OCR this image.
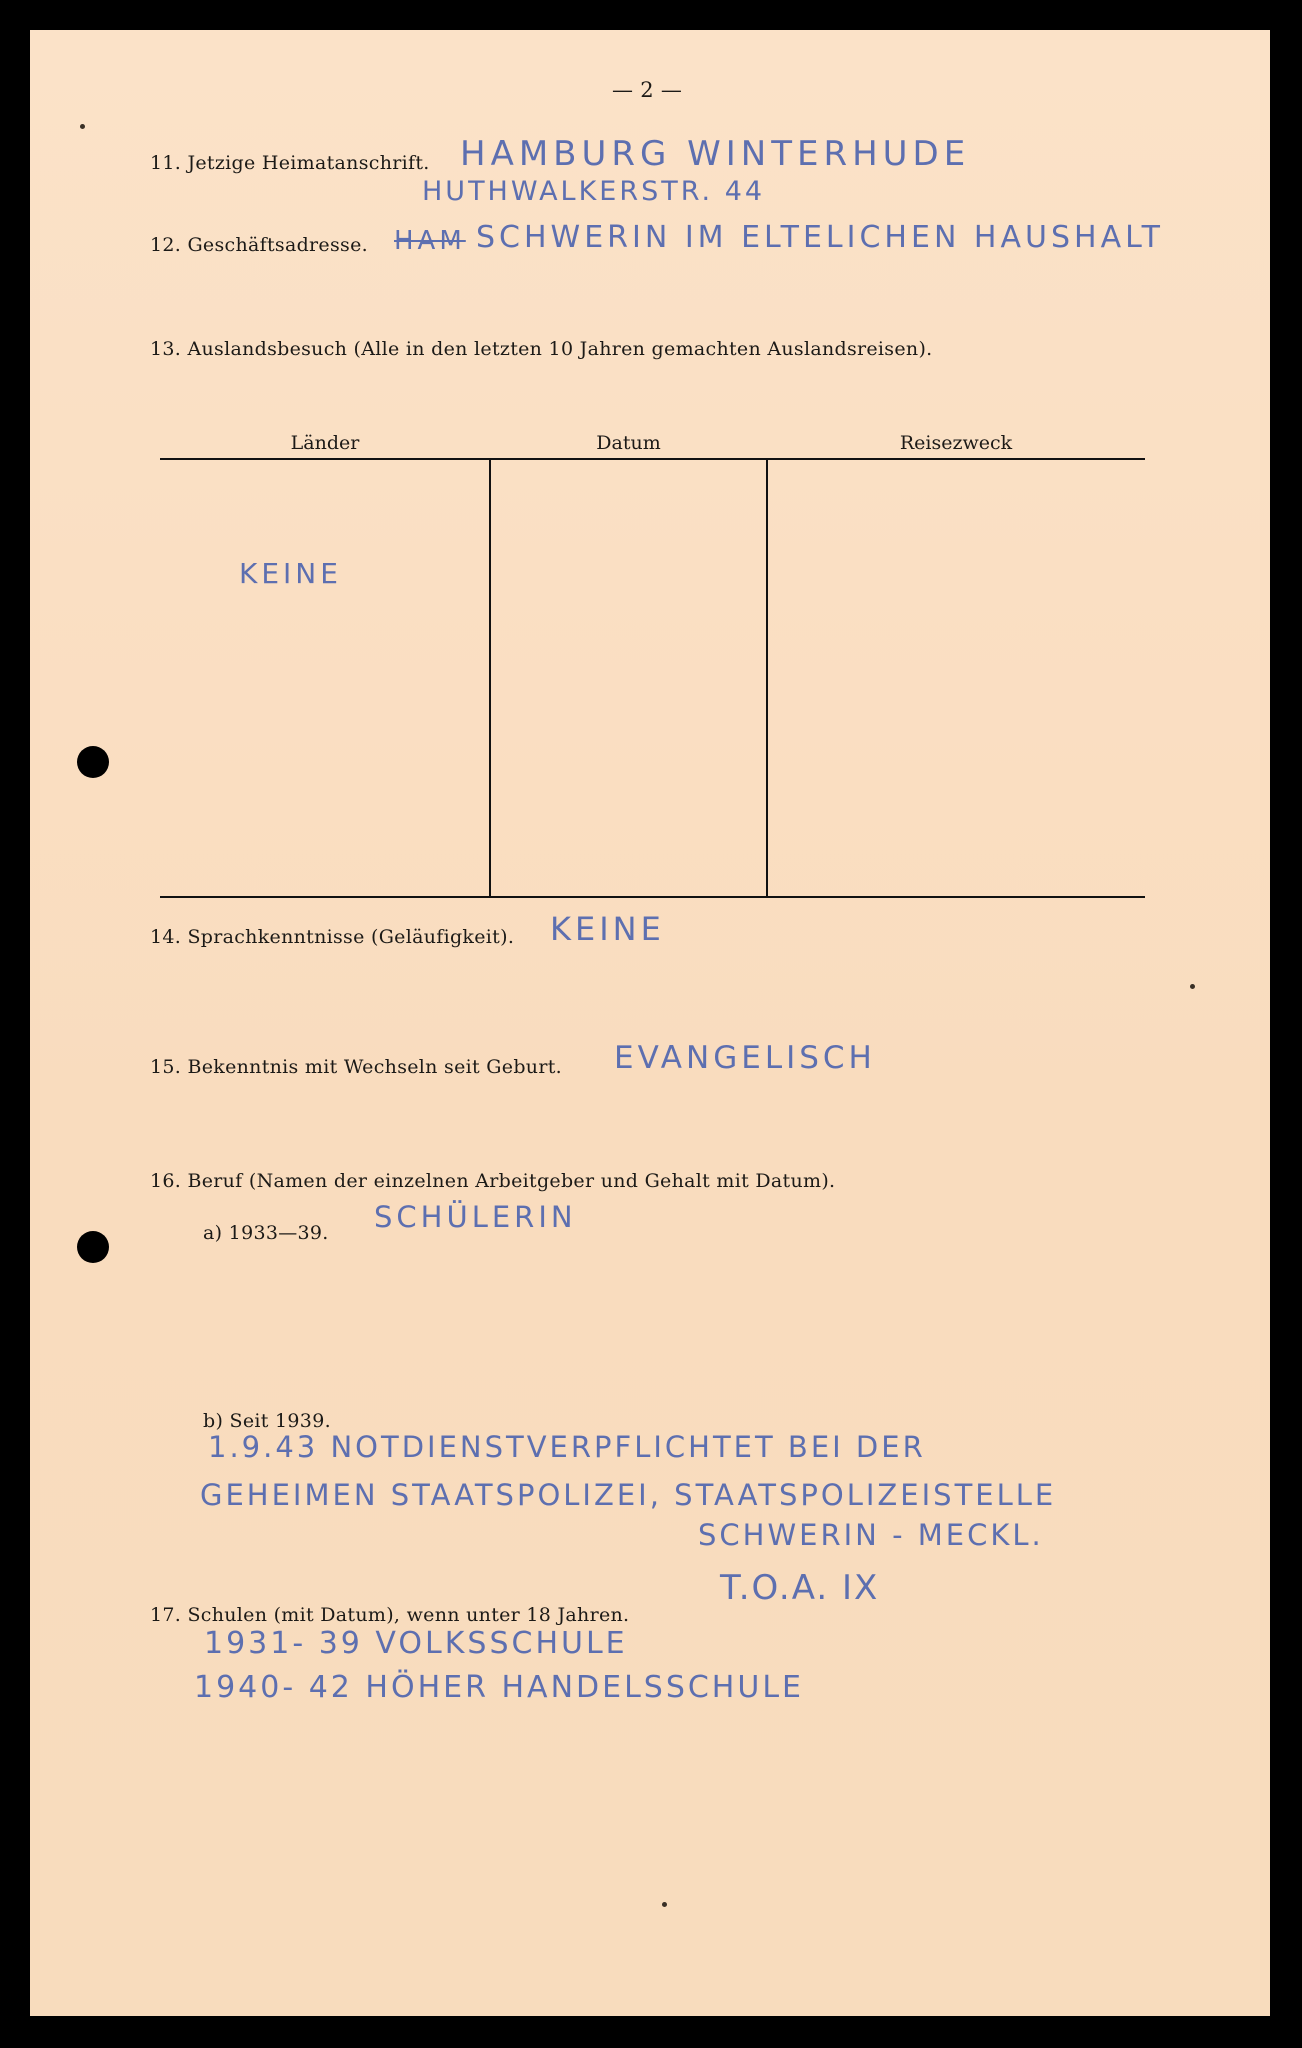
— 2 —
11. Jetzige Heimatanschrift. HAMBURG WINTERHUDE
HUTHWALKERSTR. 44
12. Geschäftsadresse. HAM SCHWERIN IM ELTELICHEN HAUSHALT
13. Auslandsbesuch (Alle in den letzten 10 Jahren gemachten Auslandsreisen).
Länder	Datum	Reisezweck

KEINE		

14. Sprachkenntnisse (Geläufigkeit). KEINE
15. Bekenntnis mit Wechseln seit Geburt. EVANGELISCH
16. Beruf (Namen der einzelnen Arbeitgeber und Gehalt mit Datum).
a) 1933—39. SCHÜLERIN
b) Seit 1939.
1.9.43 NOTDIENSTVERPFLICHTET BEI DER
GEHEIMEN STAATSPOLIZEI, STAATSPOLIZEISTELLE
SCHWERIN - MECKL.
T.O.A. IX
17. Schulen (mit Datum), wenn unter 18 Jahren.
1931- 39 VOLKSSCHULE
1940- 42 HÖHER HANDELSSCHULE
